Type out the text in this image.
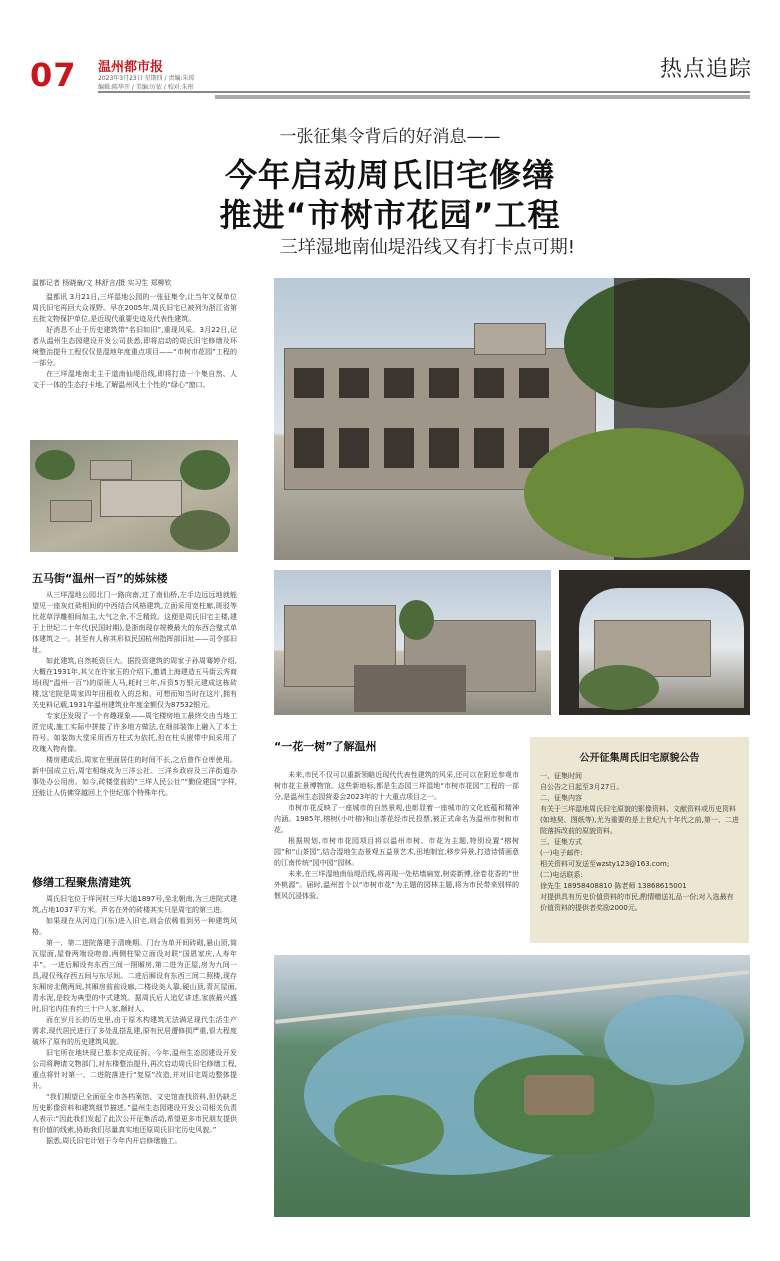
07 温州都市报
2023年3月23日 星期四 / 责编:朱琼
编辑:陈华开 / 美编:厉依 / 校对:朱彤
热点追踪
一张征集令背后的好消息——
今年启动周氏旧宅修缮
推进“市树市花园”工程
三垟湿地南仙堤沿线又有打卡点可期!
温都记者 杨晓童/文 林舒言/摄 实习生 郑柳钦

温都讯 3月21日,三垟湿地公园的一张征集令,让当年文保单位周氏旧宅再回大众视野。早在2005年,周氏旧宅已被列为浙江省第五批文物保护单位,是近现代重要史迹及代表性建筑。

好消息不止于历史建筑带“名旧如旧”,重现风采。3月22日,记者从温州生态园建设开发公司获悉,即将启动的周氏旧宅修缮及环境整治提升工程仅仅是湿地年度重点项目——“市树市花园”工程的一部分。

在三垟湿地南北主干道南仙堤沿线,即将打造一个集自然、人文于一体的生态打卡地,了解温州风土个性的“绿心”窗口。

五马街“温州一百”的姊妹楼

从三垟湿地公园北门一路向南,过了南仙桥,左手边远远地就能望见一座灰红砖相间的中西结合风格建筑,立面采用宽柱廊,斑驳等比花草浮雕相间加主,大气之余,不乏精致。这便是周氏旧宅主楼,建于上世纪二十年代(民国时期),是浙南现存规模最大的东西合璧式单体建筑之一。甚至有人称其形似民国杭州指挥部旧址——司令部旧址。

如此建筑,自然耗资巨大。据投资建筑的周家子孙周骞婷介绍,大概在1931年,其父在许家玉的介绍下,邀请上海建造五马街云秀商场(现“温州一百”)的原班人马,耗时三年,斥资5万银元建成这栋砖楼,这宅院是周家四年田租收入的总和。可想而知当时在这片,拥有关史料记载,1931年温州建筑业年度金额仅为87532银元。

专家还发现了一个有趣现象——周宅楼房地工最终交由当地工匠完成,施工实际中拼接了许多地方做法,在细部装饰上融入了本土符号。如装饰大堂采用西方柱式为依托,但在柱头嵌带中间采用了玫瑰入物肖像。

楼房建成后,周家在里面居住的时间不长,之后曾作仓库使用。新中国成立后,周宅相继成为三洋公社、三洋乡政府及三洋街道办事处办公用房。如今,砖楼堂前的“三垟人民公社”“勤俭建国”字样,还能让人仿佛穿越回上个世纪那个特殊年代。

修缮工程聚焦清建筑

周氏旧宅位于垟河村三垟大道1897号,坐北朝南,为三进院式建筑,占地1037平方米。声名在外的砖楼其实只是周宅的第三进。

如果现在从河边门(东)进入旧宅,则会依稀看到另一种建筑风格。

第一、第二进院落建于清晚期。门台为单开间砖砌,悬山顶,筒瓦屋面,屋脊两端设吻兽,两侧柱梁立面设对联“国恩家庆,人寿年丰”。一进后厢设有东西三间一照厢房,第二进为正屋,房为九间一具,现仅残存西五间与东尽间。二进后厢设有东西三间二照楼,现存东厢房北侧两间,其厢房前前设廊,二楼设美人靠,硬山顶,青瓦屋面,青水泥,是较为典型的中式建筑。据周氏后人追忆讲述,家族最兴盛时,旧宅内住有约三十户人家,颇时人。

而在岁月长的历史里,由于原木构建筑无法满足现代生活生产需求,现代居民进行了多处乱搭乱建,原有民居遭修损严重,很大程度破坏了原有的历史建筑风貌。

旧宅所在地块现已基本完成征拆。今年,温州生态园建设开发公司将聘请文物部门,对东楼整治提升,再次启动周氏旧宅修缮工程,重点将针对第一、二进院落进行“复原”改造,并对旧宅周边整体提升。

“我们期望已全面征全市各档案馆、文史馆查找资料,但仍缺乏历史影像资料和建筑细节描述。”温州生态园建设开发公司相关负责人表示:“因此我们发起了此次公开征集活动,希望更多市民朋友提供有价值的线索,协助我们尽量真实地还原周氏旧宅历史风貌。”

据悉,周氏旧宅计划于今年内开启修缮施工。

“一花一树”了解温州

未来,市民不仅可以重新领略近现代代表性建筑的风采,还可以在附近参观市树市花主景博物馆。这些新地标,都是生态园三垟湿地“市树市花园”工程的一部分,是温州生态园营委会2023年的十大重点项目之一。

市树市花反映了一座城市的自然景观,也彰显着一座城市的文化底蕴和精神内涵。1985年,榕树(小叶榕)和山茶花经市民投票,被正式命名为温州市树和市花。

根据规划,市树市花园项目将以温州市树、市花为主题,特别设置“榕树园”和“山茶园”,结合湿地生态景观五益景艺术,田地制宜,移步异景,打造诗情画意的江南传统“园中园”园林。

未来,在三垟湿地南仙堤沿线,将再现一处枯墙扁宽,树姿新博,徐卷花香的“世外桃源”。届时,温州首个以“市树市花”为主题的园林主题,将为市民带来别样的惬风沉浸体验。

公开征集周氏旧宅原貌公告
一、征集时间
自公告之日起至3月27日。
二、征集内容
有关于三垟湿地周氏旧宅原貌的影像资料、文献资料或历史资料(如地契、图纸等),尤为重要的是上世纪九十年代之前,第一、二进院落拆改前的原貌资料。
三、征集方式
(一)电子邮件:
相关资料可发送至wzsty123@163.com;
(二)电话联系:
徐先生 18958408810 陈老师 13868615001
对提供具有历史价值资料的市民,酌情赠送礼品一份;对入选最有价值资料的提供者奖励2000元。
